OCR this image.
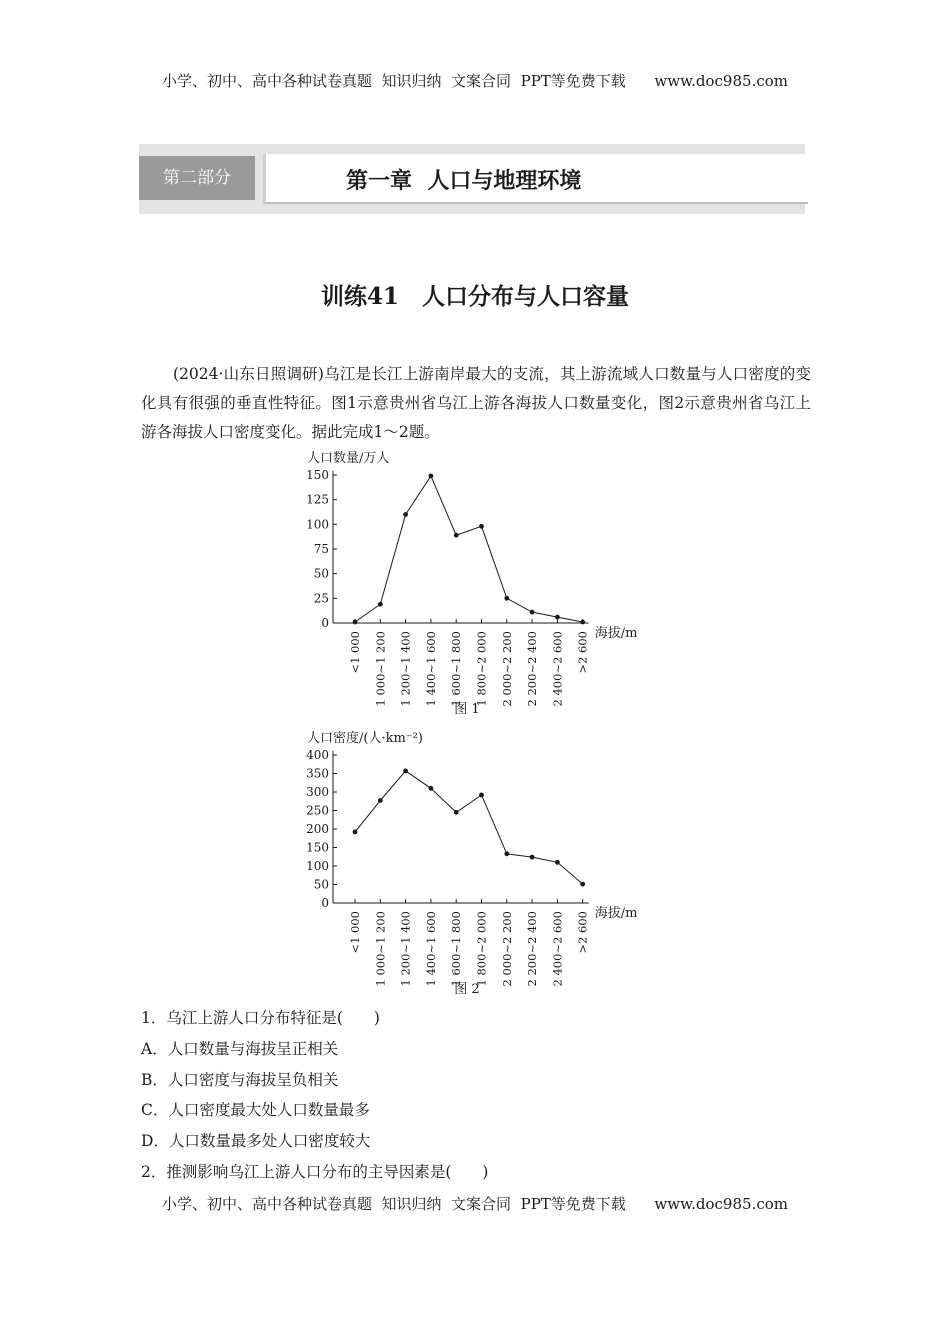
小学、初中、高中各种试卷真题  知识归纳  文案合同  PPT等免费下载      www.doc985.com
第二部分	第一章  人口与地理环境
训练41　人口分布与人口容量
(2024·山东日照调研)乌江是长江上游南岸最大的支流，其上游流域人口数量与人口密度的变化具有很强的垂直性特征。图1示意贵州省乌江上游各海拔人口数量变化，图2示意贵州省乌江上游各海拔人口密度变化。据此完成1～2题。
人口数量/万人
0
25
50
75
100
125
150
<1 000 1 000~1 200 1 200~1 400 1 400~1 600 1 600~1 800 1 800~2 000 2 000~2 200 2 200~2 400 2 400~2 600 >2 600 海拔/m
图 1
人口密度/(人·km⁻²)
0
50
100
150
200
250
300
350
400
<1 000 1 000~1 200 1 200~1 400 1 400~1 600 1 600~1 800 1 800~2 000 2 000~2 200 2 200~2 400 2 400~2 600 >2 600 海拔/m
图 2
1．乌江上游人口分布特征是(　　)
A．人口数量与海拔呈正相关
B．人口密度与海拔呈负相关
C．人口密度最大处人口数量最多
D．人口数量最多处人口密度较大
2．推测影响乌江上游人口分布的主导因素是(　　)
小学、初中、高中各种试卷真题  知识归纳  文案合同  PPT等免费下载      www.doc985.com
